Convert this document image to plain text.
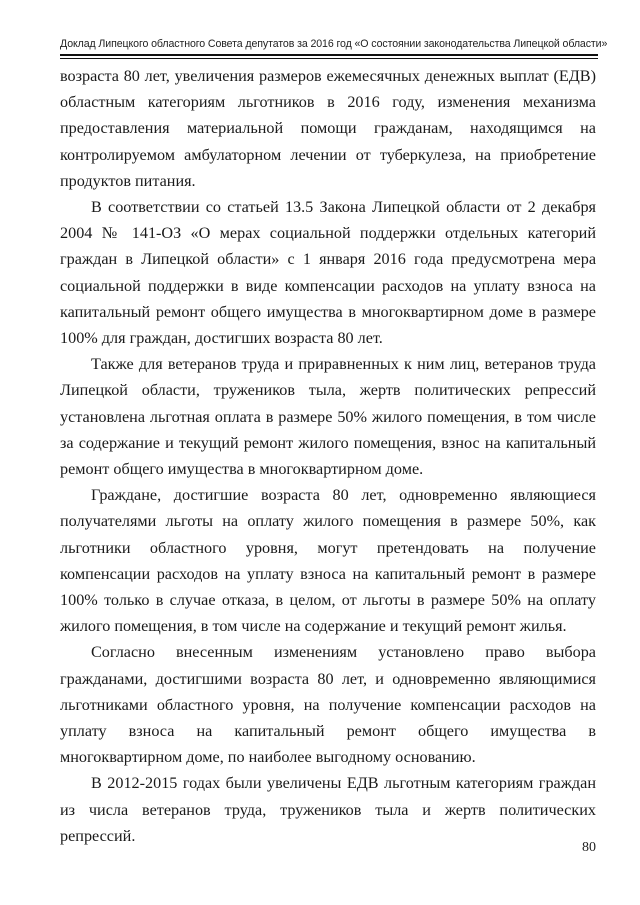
Доклад Липецкого областного Совета депутатов за 2016 год «О состоянии законодательства Липецкой области»

возраста 80 лет, увеличения размеров ежемесячных денежных выплат (ЕДВ) областным категориям льготников в 2016 году, изменения механизма предоставления материальной помощи гражданам, находящимся на контролируемом амбулаторном лечении от туберкулеза, на приобретение продуктов питания.

В соответствии со статьей 13.5 Закона Липецкой области от 2 декабря 2004 № 141-ОЗ «О мерах социальной поддержки отдельных категорий граждан в Липецкой области» с 1 января 2016 года предусмотрена мера социальной поддержки в виде компенсации расходов на уплату взноса на капитальный ремонт общего имущества в многоквартирном доме в размере 100% для граждан, достигших возраста 80 лет.

Также для ветеранов труда и приравненных к ним лиц, ветеранов труда Липецкой области, тружеников тыла, жертв политических репрессий установлена льготная оплата в размере 50% жилого помещения, в том числе за содержание и текущий ремонт жилого помещения, взнос на капитальный ремонт общего имущества в многоквартирном доме.

Граждане, достигшие возраста 80 лет, одновременно являющиеся получателями льготы на оплату жилого помещения в размере 50%, как льготники областного уровня, могут претендовать на получение компенсации расходов на уплату взноса на капитальный ремонт в размере 100% только в случае отказа, в целом, от льготы в размере 50% на оплату жилого помещения, в том числе на содержание и текущий ремонт жилья.

Согласно внесенным изменениям установлено право выбора гражданами, достигшими возраста 80 лет, и одновременно являющимися льготниками областного уровня, на получение компенсации расходов на уплату взноса на капитальный ремонт общего имущества в многоквартирном доме, по наиболее выгодному основанию.

В 2012-2015 годах были увеличены ЕДВ льготным категориям граждан из числа ветеранов труда, тружеников тыла и жертв политических репрессий.

80
